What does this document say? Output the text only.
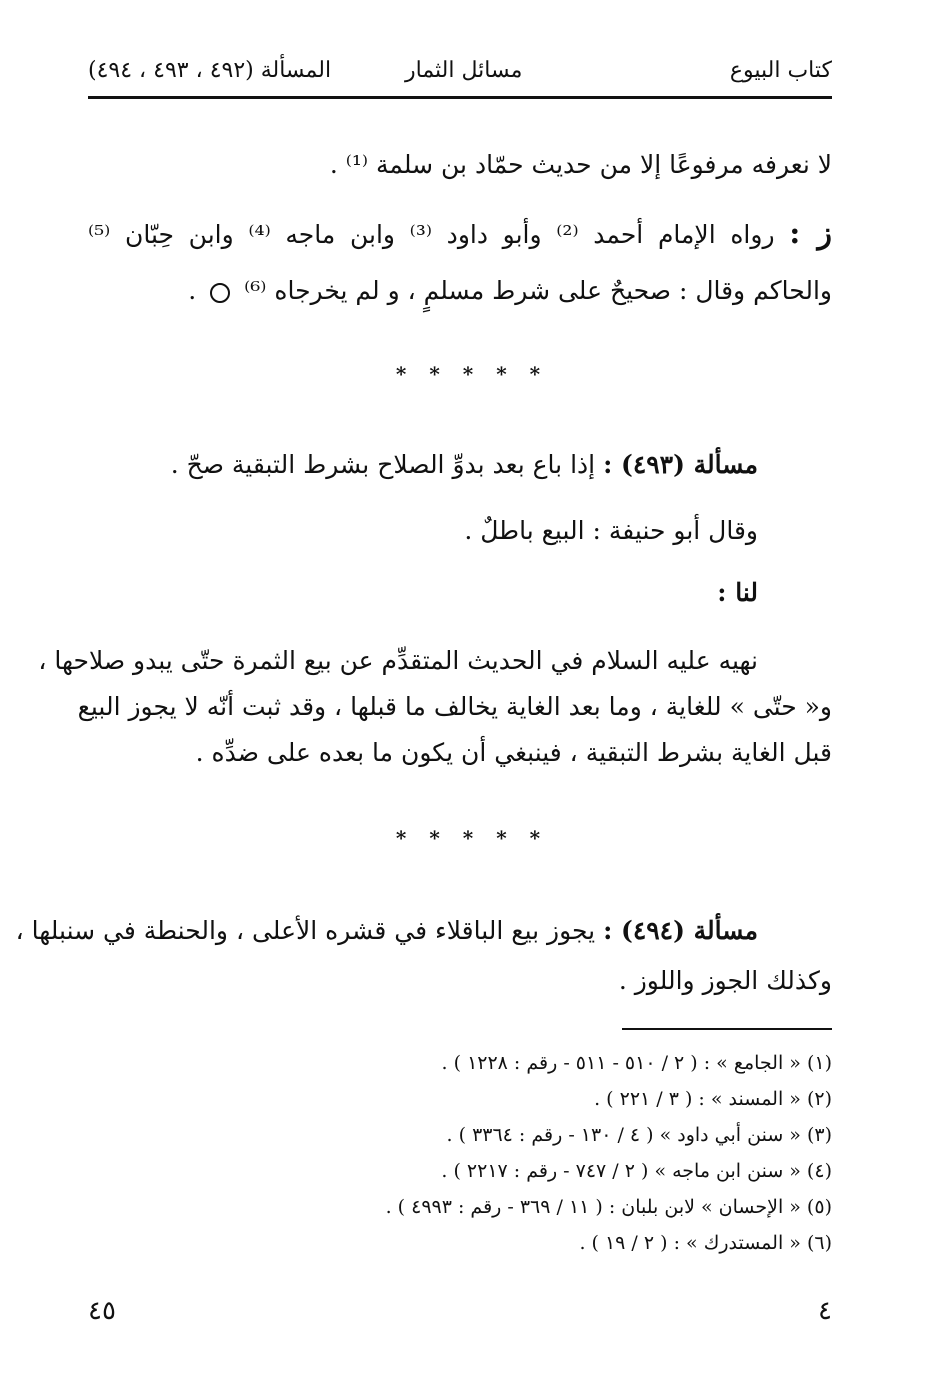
كتاب البيوع
مسائل الثمار
المسألة (٤٩٢ ، ٤٩٣ ، ٤٩٤)
لا نعرفه مرفوعًا إلا من حديث حمّاد بن سلمة ⁽¹⁾ .
ز : رواه الإمام أحمد ⁽²⁾ وأبو داود ⁽³⁾ وابن ماجه ⁽⁴⁾ وابن حِبّان ⁽⁵⁾
والحاكم وقال : صحيحٌ على شرط مسلمٍ ، و لم يخرجاه ⁽⁶⁾  .
* * * * *
مسألة (٤٩٣) : إذا باع بعد بدوِّ الصلاح بشرط التبقية صحّ .
وقال أبو حنيفة : البيع باطلٌ .
لنا :
نهيه عليه السلام في الحديث المتقدِّم عن بيع الثمرة حتّى يبدو صلاحها ،
و« حتّى » للغاية ، وما بعد الغاية يخالف ما قبلها ، وقد ثبت أنّه لا يجوز البيع
قبل الغاية بشرط التبقية ، فينبغي أن يكون ما بعده على ضدِّه .
* * * * *
مسألة (٤٩٤) : يجوز بيع الباقلاء في قشره الأعلى ، والحنطة في سنبلها ،
وكذلك الجوز واللوز .
(١) « الجامع » : ( ٢ / ٥١٠ - ٥١١ - رقم : ١٢٢٨ ) .
(٢) « المسند » : ( ٣ / ٢٢١ ) .
(٣) « سنن أبي داود » ( ٤ / ١٣٠ - رقم : ٣٣٦٤ ) .
(٤) « سنن ابن ماجه » ( ٢ / ٧٤٧ - رقم : ٢٢١٧ ) .
(٥) « الإحسان » لابن بلبان : ( ١١ / ٣٦٩ - رقم : ٤٩٩٣ ) .
(٦) « المستدرك » : ( ٢ / ١٩ ) .
٤٥	٤
